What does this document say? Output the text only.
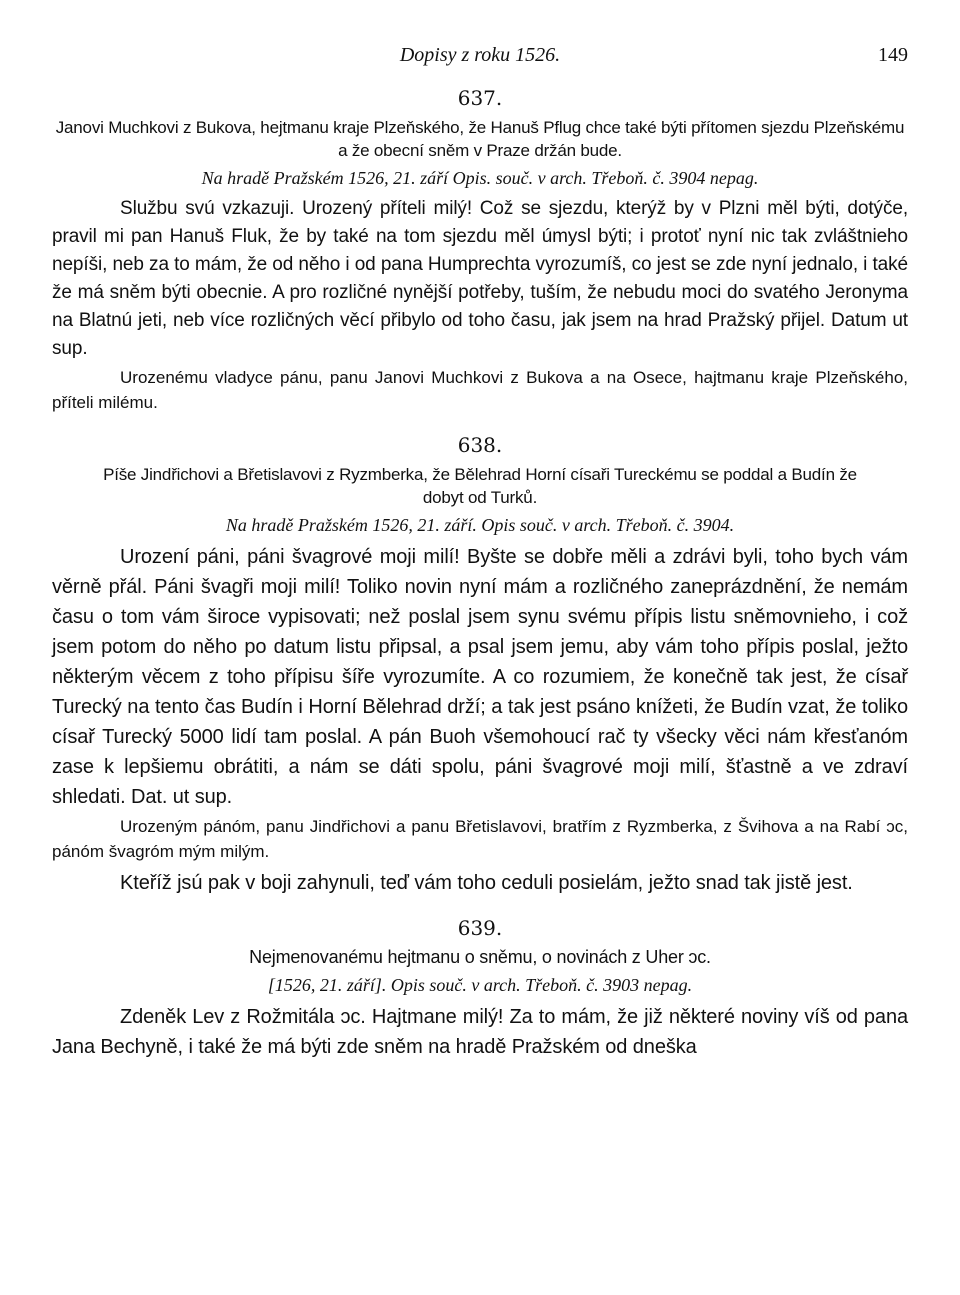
Dopisy z roku 1526.	149
637.
Janovi Muchkovi z Bukova, hejtmanu kraje Plzeňského, že Hanuš Pflug chce také býti přítomen sjezdu Plzeňskému a že obecní sněm v Praze držán bude.
Na hradě Pražském 1526, 21. září Opis. souč. v arch. Třeboň. č. 3904 nepag.

Službu svú vzkazuji. Urozený příteli milý! Což se sjezdu, kterýž by v Plzni měl býti, dotýče, pravil mi pan Hanuš Fluk, že by také na tom sjezdu měl úmysl býti; i protoť nyní nic tak zvláštnieho nepíši, neb za to mám, že od něho i od pana Humprechta vyrozumíš, co jest se zde nyní jednalo, i také že má sněm býti obecnie. A pro rozličné nynější potřeby, tuším, že nebudu moci do svatého Jeronyma na Blatnú jeti, neb více rozličných věcí přibylo od toho času, jak jsem na hrad Pražský přijel. Datum ut sup.

Urozenému vladyce pánu, panu Janovi Muchkovi z Bukova a na Osece, hajtmanu kraje Plzeňského, příteli milému.

638.
Píše Jindřichovi a Břetislavovi z Ryzmberka, že Bělehrad Horní císaři Tureckému se poddal a Budín že dobyt od Turků.
Na hradě Pražském 1526, 21. září. Opis souč. v arch. Třeboň. č. 3904.

Urození páni, páni švagrové moji milí! Byšte se dobře měli a zdrávi byli, toho bych vám věrně přál. Páni švagři moji milí! Toliko novin nyní mám a rozličného zaneprázdnění, že nemám času o tom vám široce vypisovati; než poslal jsem synu svému přípis listu sněmovnieho, i což jsem potom do něho po datum listu připsal, a psal jsem jemu, aby vám toho přípis poslal, ježto některým věcem z toho přípisu šíře vyrozumíte. A co rozumiem, že konečně tak jest, že císař Turecký na tento čas Budín i Horní Bělehrad drží; a tak jest psáno knížeti, že Budín vzat, že toliko císař Turecký 5000 lidí tam poslal. A pán Buoh všemohoucí rač ty všecky věci nám křesťanóm zase k lepšiemu obrátiti, a nám se dáti spolu, páni švagrové moji milí, šťastně a ve zdraví shledati. Dat. ut sup.

Urozeným pánóm, panu Jindřichovi a panu Břetislavovi, bratřím z Ryzmberka, z Švihova a na Rabí ɔc, pánóm švagróm mým milým.

Kteříž jsú pak v boji zahynuli, teď vám toho ceduli posielám, ježto snad tak jistě jest.

639.
Nejmenovanému hejtmanu o sněmu, o novinách z Uher ɔc.
[1526, 21. září]. Opis souč. v arch. Třeboň. č. 3903 nepag.

Zdeněk Lev z Rožmitála ɔc. Hajtmane milý! Za to mám, že již některé noviny víš od pana Jana Bechyně, i také že má býti zde sněm na hradě Pražském od dneška
